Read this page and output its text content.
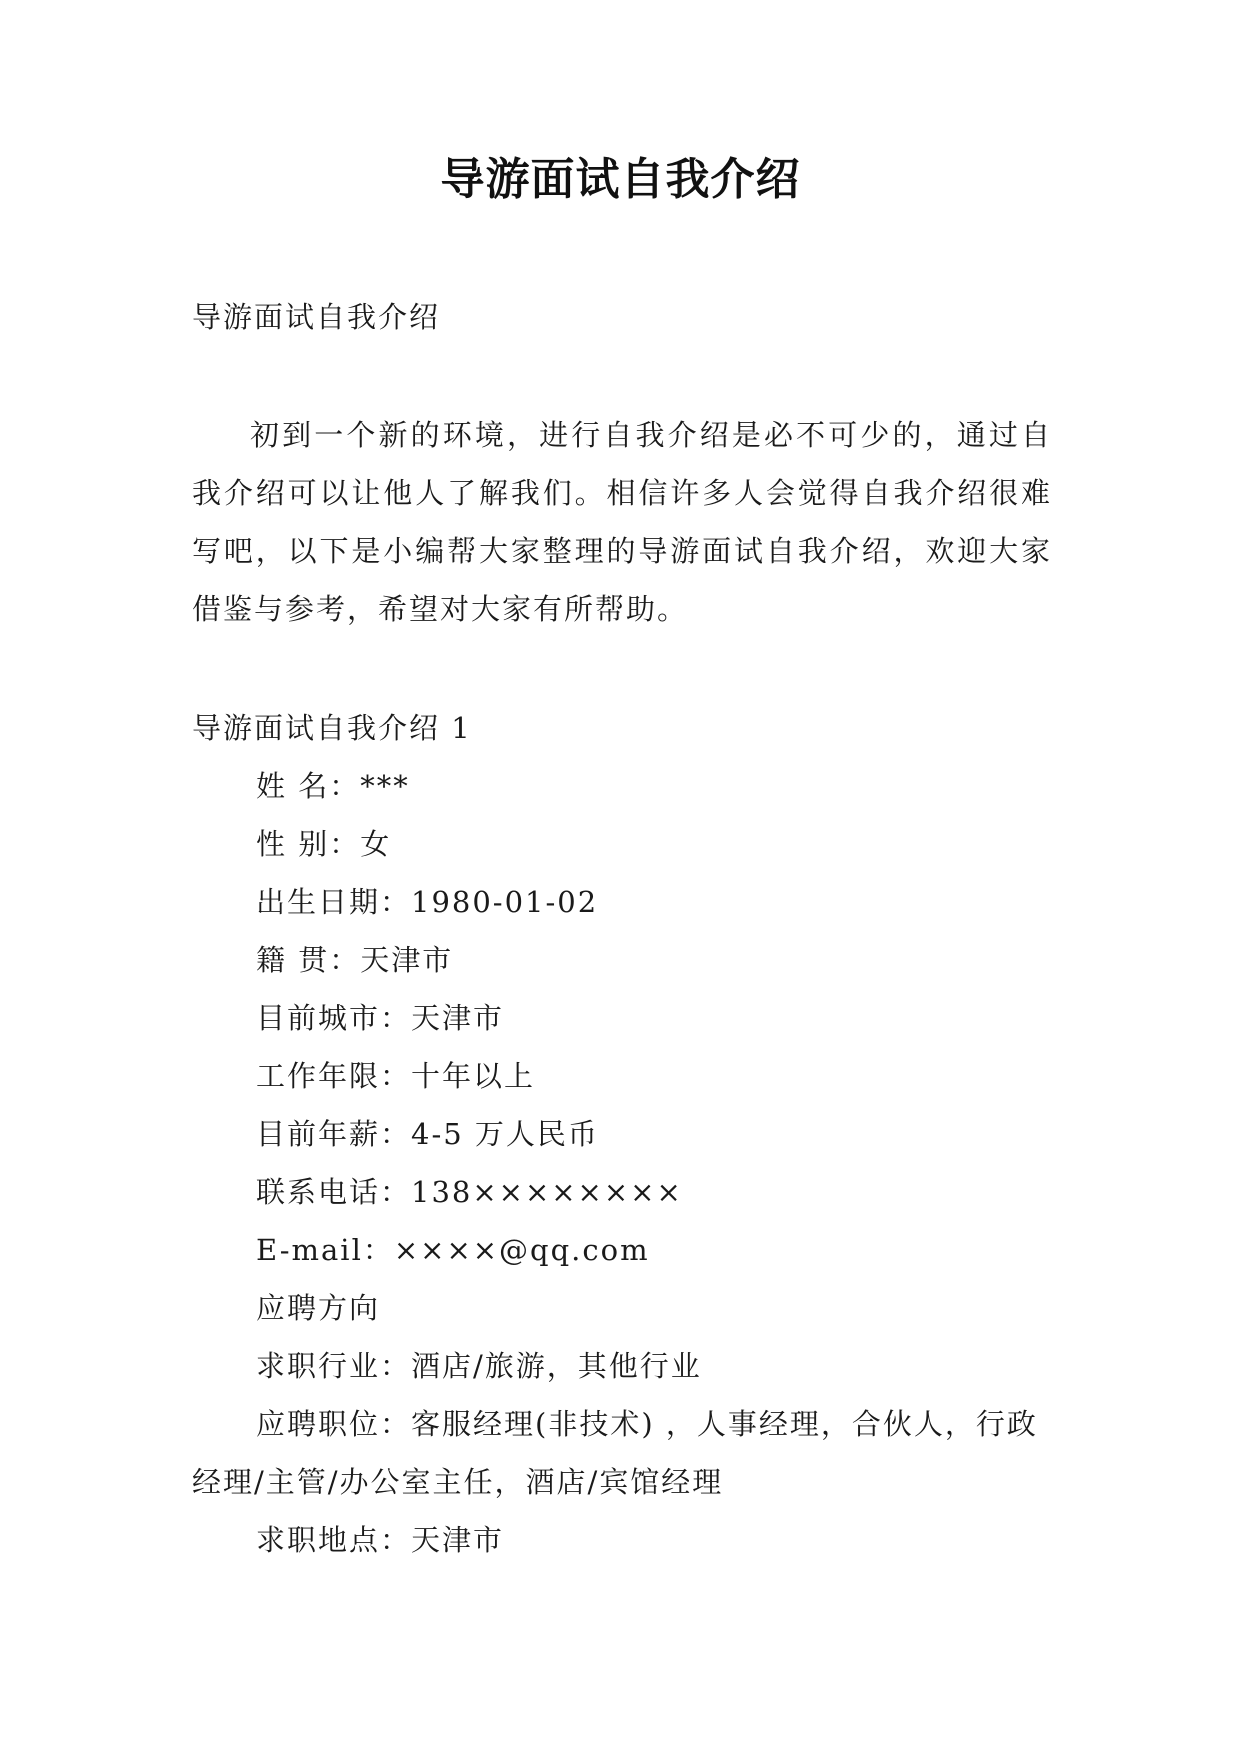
导游面试自我介绍
导游面试自我介绍
初到一个新的环境，进行自我介绍是必不可少的，通过自我介绍可以让他人了解我们。相信许多人会觉得自我介绍很难写吧，以下是小编帮大家整理的导游面试自我介绍，欢迎大家借鉴与参考，希望对大家有所帮助。
导游面试自我介绍 1
姓 名：***
性 别：女
出生日期：1980-01-02
籍 贯：天津市
目前城市：天津市
工作年限：十年以上
目前年薪：4-5 万人民币
联系电话：138××××××××
E-mail：××××@qq.com
应聘方向
求职行业：酒店/旅游，其他行业
应聘职位：客服经理(非技术) ，人事经理，合伙人，行政经理/主管/办公室主任，酒店/宾馆经理
求职地点：天津市
